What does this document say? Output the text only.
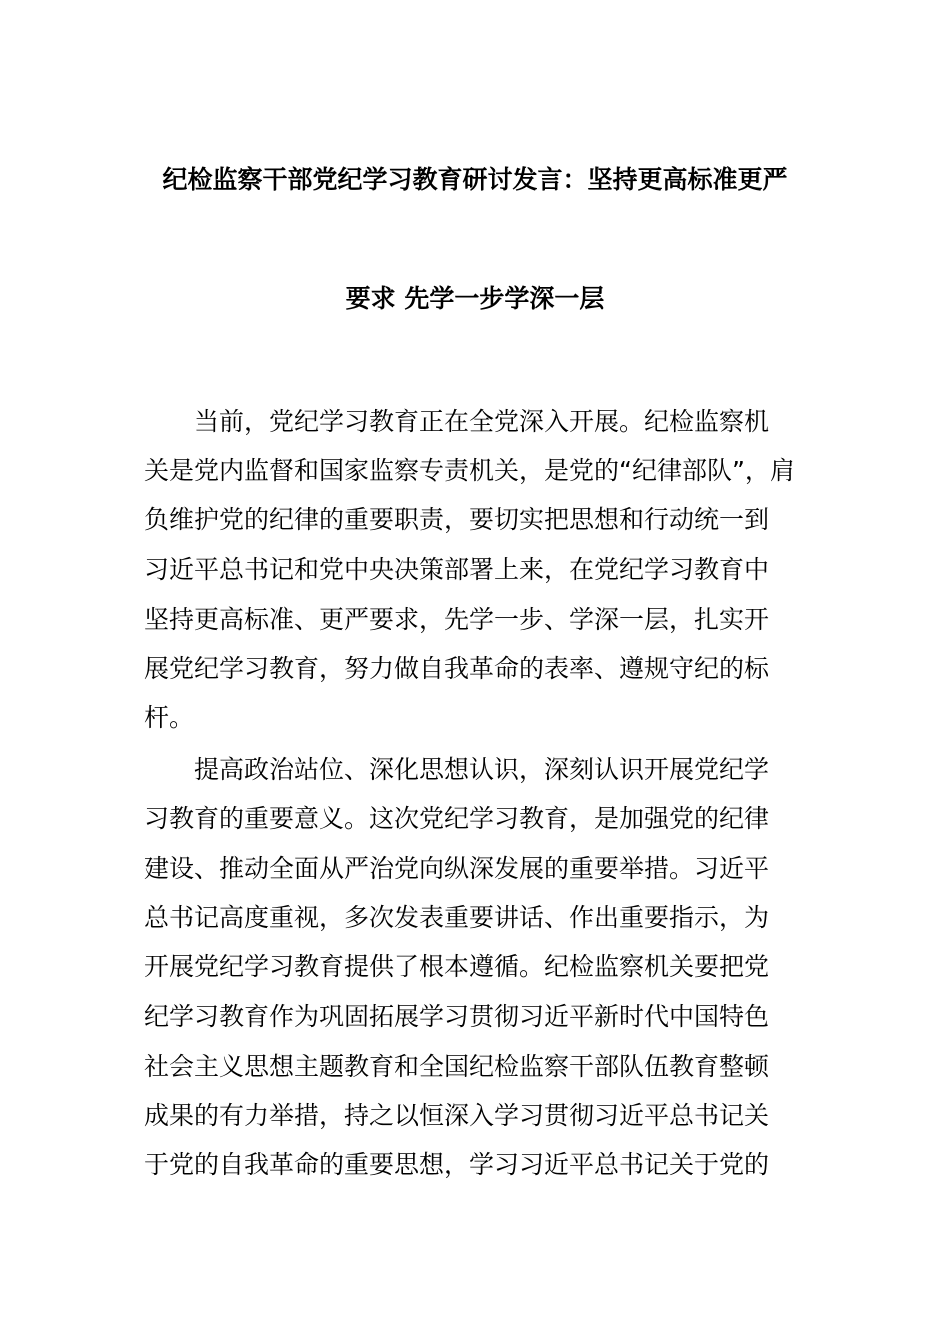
纪检监察干部党纪学习教育研讨发言：坚持更高标准更严
要求 先学一步学深一层
当前，党纪学习教育正在全党深入开展。纪检监察机
关是党内监督和国家监察专责机关，是党的“纪律部队”，肩
负维护党的纪律的重要职责，要切实把思想和行动统一到
习近平总书记和党中央决策部署上来，在党纪学习教育中
坚持更高标准、更严要求，先学一步、学深一层，扎实开
展党纪学习教育，努力做自我革命的表率、遵规守纪的标
杆。
提高政治站位、深化思想认识，深刻认识开展党纪学
习教育的重要意义。这次党纪学习教育，是加强党的纪律
建设、推动全面从严治党向纵深发展的重要举措。习近平
总书记高度重视，多次发表重要讲话、作出重要指示，为
开展党纪学习教育提供了根本遵循。纪检监察机关要把党
纪学习教育作为巩固拓展学习贯彻习近平新时代中国特色
社会主义思想主题教育和全国纪检监察干部队伍教育整顿
成果的有力举措，持之以恒深入学习贯彻习近平总书记关
于党的自我革命的重要思想，学习习近平总书记关于党的
